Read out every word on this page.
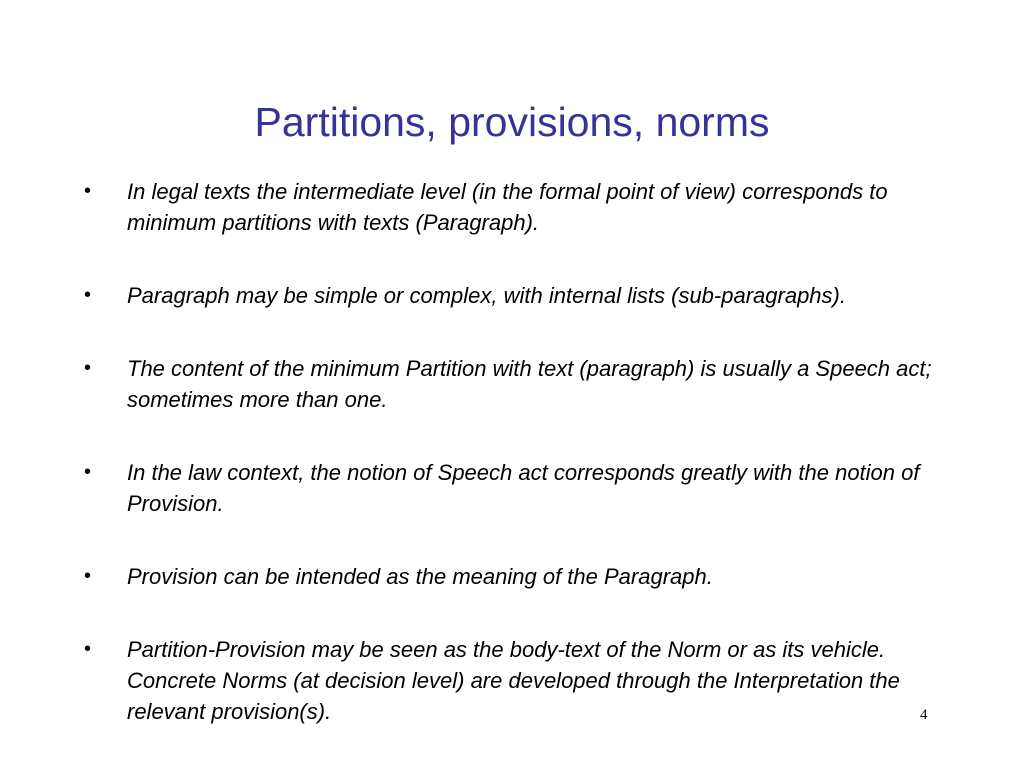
Partitions, provisions, norms
• In legal texts the intermediate level (in the formal point of view) corresponds to minimum partitions with texts (Paragraph).
• Paragraph may be simple or complex, with internal lists (sub-paragraphs).
• The content of the minimum Partition with text (paragraph) is usually a Speech act; sometimes more than one.
• In the law context, the notion of Speech act corresponds greatly with the notion of Provision.
• Provision can be intended as the meaning of the Paragraph.
• Partition-Provision may be seen as the body-text of the Norm or as its vehicle. Concrete Norms (at decision level) are developed through the Interpretation the relevant provision(s).	4
